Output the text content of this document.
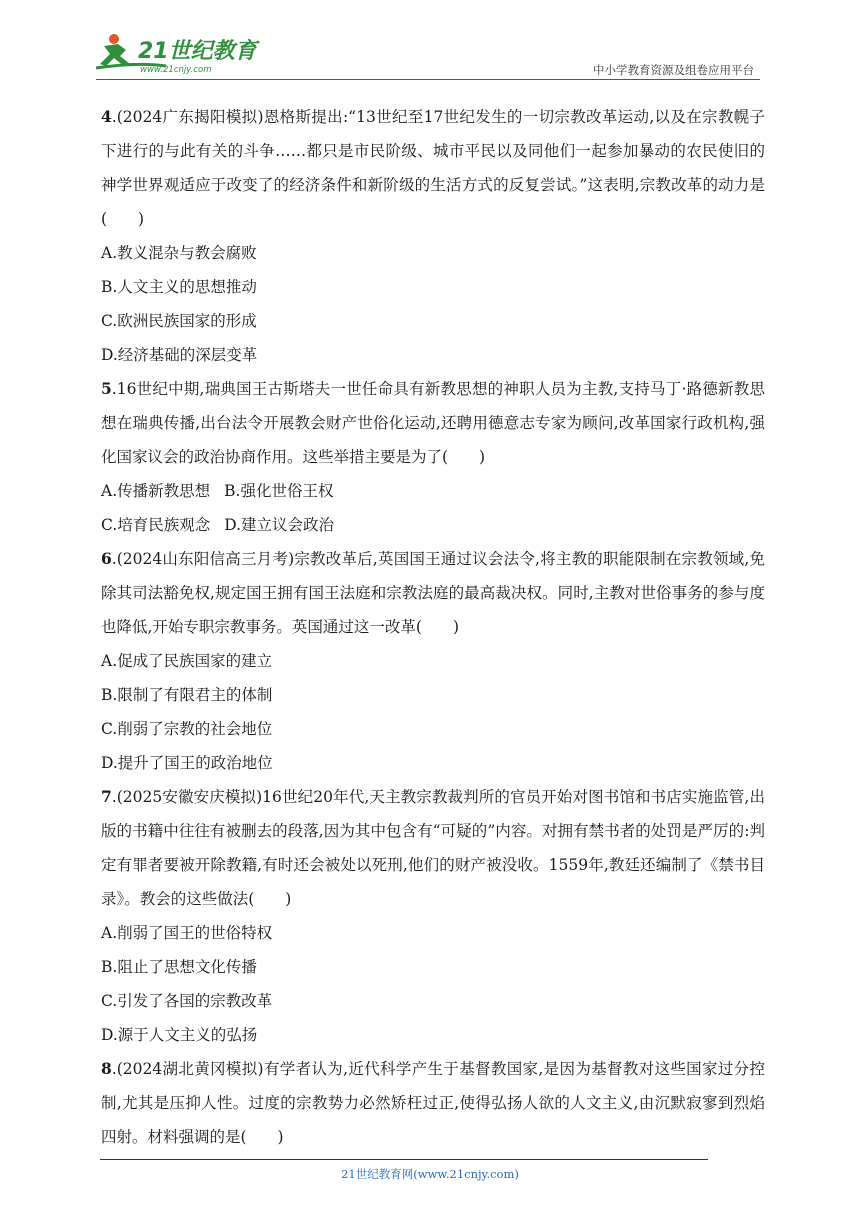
21世纪教育
www.21cnjy.com	中小学教育资源及组卷应用平台

4.(2024广东揭阳模拟)恩格斯提出:“13世纪至17世纪发生的一切宗教改革运动,以及在宗教幌子下进行的与此有关的斗争……都只是市民阶级、城市平民以及同他们一起参加暴动的农民使旧的神学世界观适应于改变了的经济条件和新阶级的生活方式的反复尝试。”这表明,宗教改革的动力是(　　)

A.教义混杂与教会腐败

B.人文主义的思想推动

C.欧洲民族国家的形成

D.经济基础的深层变革

5.16世纪中期,瑞典国王古斯塔夫一世任命具有新教思想的神职人员为主教,支持马丁·路德新教思想在瑞典传播,出台法令开展教会财产世俗化运动,还聘用德意志专家为顾问,改革国家行政机构,强化国家议会的政治协商作用。这些举措主要是为了(　　)

A.传播新教思想 B.强化世俗王权

C.培育民族观念 D.建立议会政治

6.(2024山东阳信高三月考)宗教改革后,英国国王通过议会法令,将主教的职能限制在宗教领域,免除其司法豁免权,规定国王拥有国王法庭和宗教法庭的最高裁决权。同时,主教对世俗事务的参与度也降低,开始专职宗教事务。英国通过这一改革(　　)

A.促成了民族国家的建立

B.限制了有限君主的体制

C.削弱了宗教的社会地位

D.提升了国王的政治地位

7.(2025安徽安庆模拟)16世纪20年代,天主教宗教裁判所的官员开始对图书馆和书店实施监管,出版的书籍中往往有被删去的段落,因为其中包含有“可疑的”内容。对拥有禁书者的处罚是严厉的:判定有罪者要被开除教籍,有时还会被处以死刑,他们的财产被没收。1559年,教廷还编制了《禁书目录》。教会的这些做法(　　)

A.削弱了国王的世俗特权

B.阻止了思想文化传播

C.引发了各国的宗教改革

D.源于人文主义的弘扬

8.(2024湖北黄冈模拟)有学者认为,近代科学产生于基督教国家,是因为基督教对这些国家过分控制,尤其是压抑人性。过度的宗教势力必然矫枉过正,使得弘扬人欲的人文主义,由沉默寂寥到烈焰四射。材料强调的是(　　)

21世纪教育网(www.21cnjy.com)
